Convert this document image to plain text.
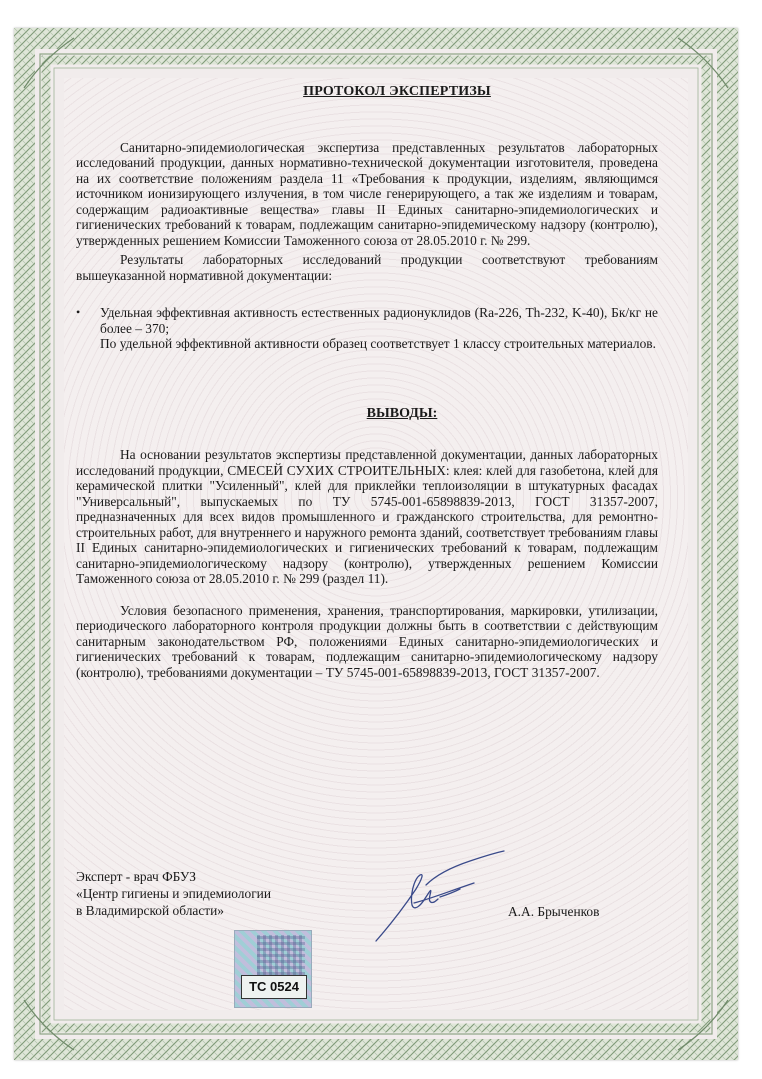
ПРОТОКОЛ ЭКСПЕРТИЗЫ

Санитарно-эпидемиологическая экспертиза представленных результатов лабораторных исследований продукции, данных нормативно-технической документации изготовителя, проведена на их соответствие положениям раздела 11 «Требования к продукции, изделиям, являющимся источником ионизирующего излучения, в том числе генерирующего, а так же изделиям и товарам, содержащим радиоактивные вещества» главы II Единых санитарно-эпидемиологических и гигиенических требований к товарам, подлежащим санитарно-эпидемическому надзору (контролю), утвержденных решением Комиссии Таможенного союза от 28.05.2010 г. № 299.

Результаты лабораторных исследований продукции соответствуют требованиям вышеуказанной нормативной документации:

•	Удельная эффективная активность естественных радионуклидов (Ra-226, Th-232, K-40), Бк/кг не более – 370;

По удельной эффективной активности образец соответствует 1 классу строительных материалов.

ВЫВОДЫ:

На основании результатов экспертизы представленной документации, данных лабораторных исследований продукции, СМЕСЕЙ СУХИХ СТРОИТЕЛЬНЫХ: клея: клей для газобетона, клей для керамической плитки "Усиленный", клей для приклейки теплоизоляции в штукатурных фасадах "Универсальный", выпускаемых по ТУ 5745-001-65898839-2013, ГОСТ 31357-2007, предназначенных для всех видов промышленного и гражданского строительства, для ремонтно-строительных работ, для внутреннего и наружного ремонта зданий, соответствует требованиям главы II Единых санитарно-эпидемиологических и гигиенических требований к товарам, подлежащим санитарно-эпидемиологическому надзору (контролю), утвержденных решением Комиссии Таможенного союза от 28.05.2010 г. № 299 (раздел 11).

Условия безопасного применения, хранения, транспортирования, маркировки, утилизации, периодического лабораторного контроля продукции должны быть в соответствии с действующим санитарным законодательством РФ, положениями Единых санитарно-эпидемиологических и гигиенических требований к товарам, подлежащим санитарно-эпидемиологическому надзору (контролю), требованиями документации – ТУ 5745-001-65898839-2013, ГОСТ 31357-2007.

Эксперт - врач ФБУЗ
«Центр гигиены и эпидемиологии
в Владимирской области»	А.А. Брыченков
ТС 0524
